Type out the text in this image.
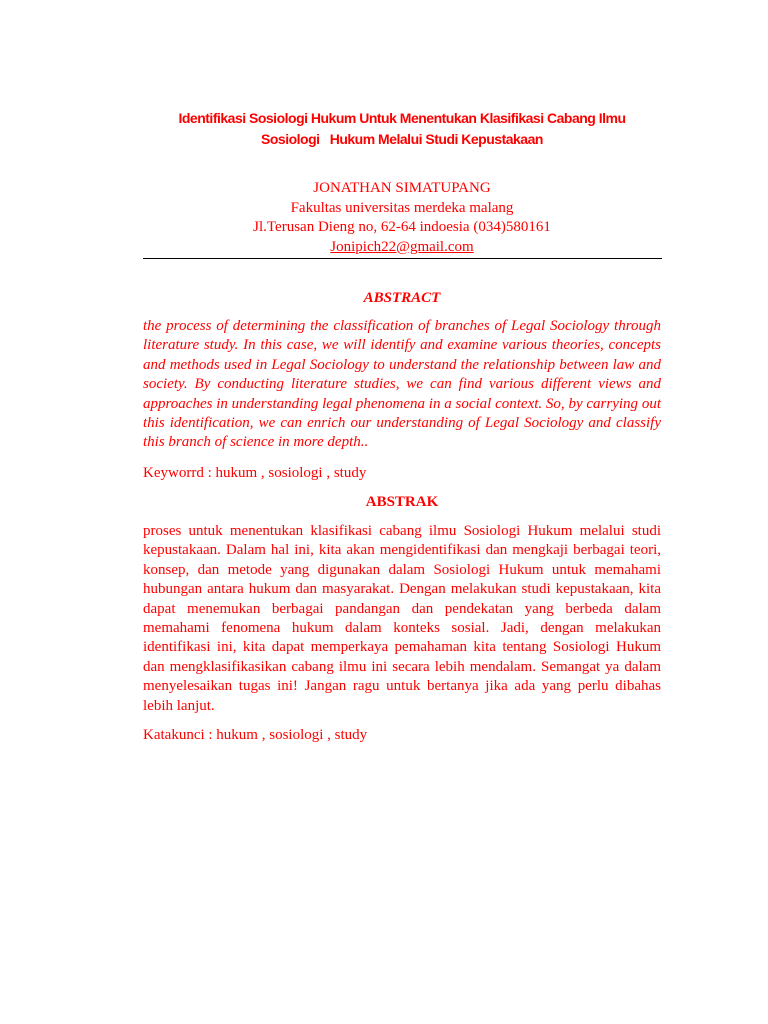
Identifikasi Sosiologi Hukum Untuk Menentukan Klasifikasi Cabang Ilmu
Sosiologi   Hukum Melalui Studi Kepustakaan
JONATHAN SIMATUPANG
Fakultas universitas merdeka malang
Jl.Terusan Dieng no, 62-64 indoesia (034)580161
Jonipich22@gmail.com
ABSTRACT

the process of determining the classification of branches of Legal Sociology through literature study. In this case, we will identify and examine various theories, concepts and methods used in Legal Sociology to understand the relationship between law and society. By conducting literature studies, we can find various different views and approaches in understanding legal phenomena in a social context. So, by carrying out this identification, we can enrich our understanding of Legal Sociology and classify this branch of science in more depth..

Keyworrd : hukum , sosiologi , study
ABSTRAK

proses untuk menentukan klasifikasi cabang ilmu Sosiologi Hukum melalui studi kepustakaan. Dalam hal ini, kita akan mengidentifikasi dan mengkaji berbagai teori, konsep, dan metode yang digunakan dalam Sosiologi Hukum untuk memahami hubungan antara hukum dan masyarakat. Dengan melakukan studi kepustakaan, kita dapat menemukan berbagai pandangan dan pendekatan yang berbeda dalam memahami fenomena hukum dalam konteks sosial. Jadi, dengan melakukan identifikasi ini, kita dapat memperkaya pemahaman kita tentang Sosiologi Hukum dan mengklasifikasikan cabang ilmu ini secara lebih mendalam. Semangat ya dalam menyelesaikan tugas ini! Jangan ragu untuk bertanya jika ada yang perlu dibahas lebih lanjut.

Katakunci : hukum , sosiologi , study
